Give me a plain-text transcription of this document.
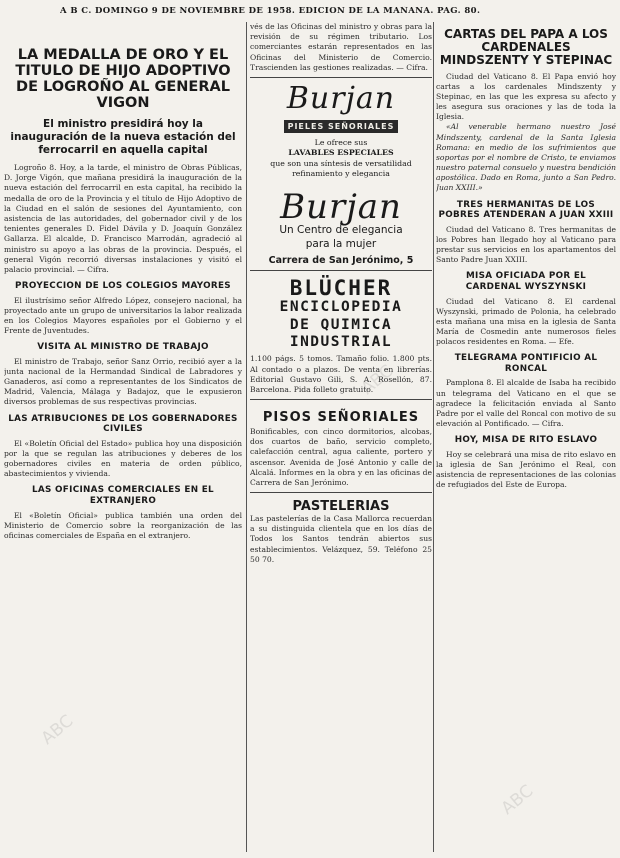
A B C. DOMINGO 9 DE NOVIEMBRE DE 1958. EDICION DE LA MAÑANA. PAG. 80.
LA MEDALLA DE ORO Y EL TITULO DE HIJO ADOPTIVO DE LOGROÑO AL GENERAL VIGON
El ministro presidirá hoy la inauguración de la nueva estación del ferrocarril en aquella capital

Logroño 8. Hoy, a la tarde, el ministro de Obras Públicas, D. Jorge Vigón, que mañana presidirá la inauguración de la nueva estación del ferrocarril en esta capital, ha recibido la medalla de oro de la Provincia y el título de Hijo Adoptivo de la Ciudad en el salón de sesiones del Ayuntamiento, con asistencia de las autoridades, del gobernador civil y de los tenientes generales D. Fidel Dávila y D. Joaquín González Gallarza. El alcalde, D. Francisco Marrodán, agradeció al ministro su apoyo a las obras de la provincia. Después, el general Vigón recorrió diversas instalaciones y visitó el palacio provincial. — Cifra.

PROYECCION DE LOS COLEGIOS MAYORES

El ilustrísimo señor Alfredo López, consejero nacional, ha proyectado ante un grupo de universitarios la labor realizada en los Colegios Mayores españoles por el Gobierno y el Frente de Juventudes.

VISITA AL MINISTRO DE TRABAJO

El ministro de Trabajo, señor Sanz Orrio, recibió ayer a la junta nacional de la Hermandad Sindical de Labradores y Ganaderos, así como a representantes de los Sindicatos de Madrid, Valencia, Málaga y Badajoz, que le expusieron diversos problemas de sus respectivas provincias.

LAS ATRIBUCIONES DE LOS GOBERNADORES CIVILES

El «Boletín Oficial del Estado» publica hoy una disposición por la que se regulan las atribuciones y deberes de los gobernadores civiles en materia de orden público, abastecimientos y vivienda.

LAS OFICINAS COMERCIALES EN EL EXTRANJERO

El «Boletín Oficial» publica también una orden del Ministerio de Comercio sobre la reorganización de las oficinas comerciales de España en el extranjero.

vés de las Oficinas del ministro y obras para la revisión de su régimen tributario. Los comerciantes estarán representados en las Oficinas del Ministerio de Comercio. Trascienden las gestiones realizadas. — Cifra.

Burjan
PIELES SEÑORIALES
Le ofrece sus
LAVABLES ESPECIALES
que son una síntesis de versatilidad
refinamiento y elegancia
Burjan
Un Centro de elegancia
para la mujer
Carrera de San Jerónimo, 5
BLÜCHER
ENCICLOPEDIA
DE QUIMICA
INDUSTRIAL

1.100 págs. 5 tomos. Tamaño folio. 1.800 pts. Al contado o a plazos. De venta en librerías. Editorial Gustavo Gili, S. A. Rosellón, 87. Barcelona. Pida folleto gratuito.

PISOS SEÑORIALES

Bonificables, con cinco dormitorios, alcobas, dos cuartos de baño, servicio completo, calefacción central, agua caliente, portero y ascensor. Avenida de José Antonio y calle de Alcalá. Informes en la obra y en las oficinas de Carrera de San Jerónimo.

PASTELERIAS

Las pastelerías de la Casa Mallorca recuerdan a su distinguida clientela que en los días de Todos los Santos tendrán abiertos sus establecimientos. Velázquez, 59. Teléfono 25 50 70.

CARTAS DEL PAPA A LOS CARDENALES MINDSZENTY Y STEPINAC

Ciudad del Vaticano 8. El Papa envió hoy cartas a los cardenales Mindszenty y Stepinac, en las que les expresa su afecto y les asegura sus oraciones y las de toda la Iglesia.

«Al venerable hermano nuestro José Mindszenty, cardenal de la Santa Iglesia Romana: en medio de los sufrimientos que soportas por el nombre de Cristo, te enviamos nuestro paternal consuelo y nuestra bendición apostólica. Dado en Roma, junto a San Pedro. Juan XXIII.»

TRES HERMANITAS DE LOS POBRES ATENDERAN A JUAN XXIII

Ciudad del Vaticano 8. Tres hermanitas de los Pobres han llegado hoy al Vaticano para prestar sus servicios en los apartamentos del Santo Padre Juan XXIII.

MISA OFICIADA POR EL CARDENAL WYSZYNSKI

Ciudad del Vaticano 8. El cardenal Wyszynski, primado de Polonia, ha celebrado esta mañana una misa en la iglesia de Santa María de Cosmedin ante numerosos fieles polacos residentes en Roma. — Efe.

TELEGRAMA PONTIFICIO AL RONCAL

Pamplona 8. El alcalde de Isaba ha recibido un telegrama del Vaticano en el que se agradece la felicitación enviada al Santo Padre por el valle del Roncal con motivo de su elevación al Pontificado. — Cifra.

HOY, MISA DE RITO ESLAVO

Hoy se celebrará una misa de rito eslavo en la iglesia de San Jerónimo el Real, con asistencia de representaciones de las colonias de refugiados del Este de Europa.

ABC
ABC
ABC
